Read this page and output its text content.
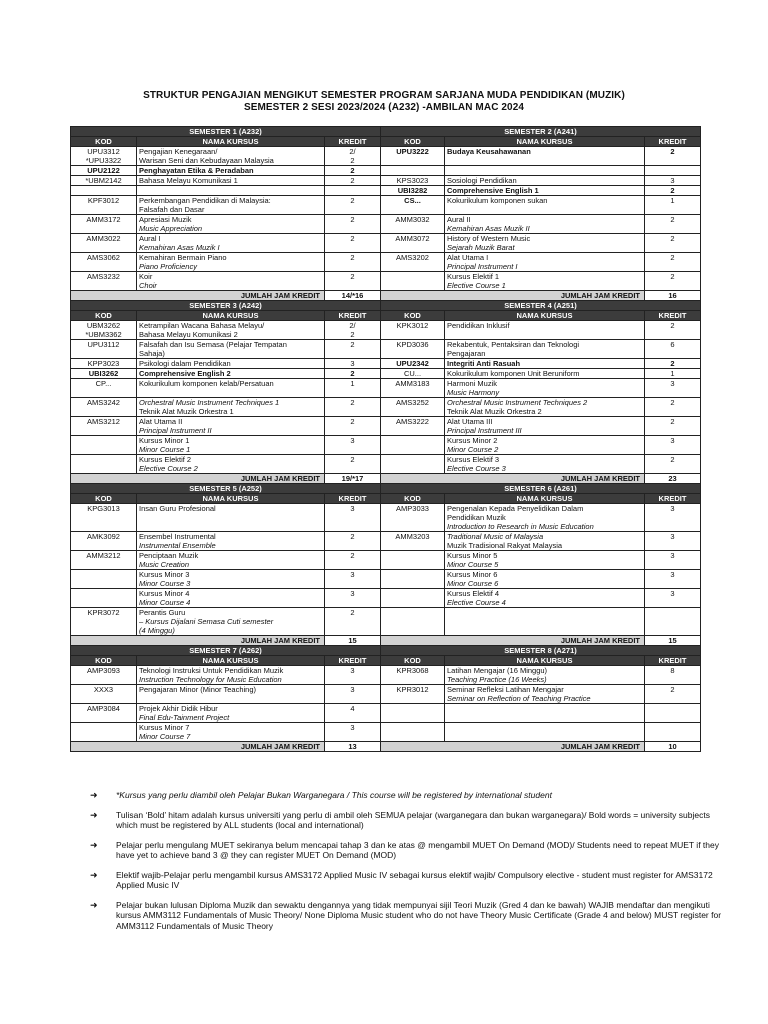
STRUKTUR PENGAJIAN MENGIKUT SEMESTER PROGRAM SARJANA MUDA PENDIDIKAN (MUZIK)
SEMESTER 2 SESI 2023/2024 (A232) -AMBILAN MAC 2024
SEMESTER 1 (A232)			SEMESTER 2 (A241)		
KOD	NAMA KURSUS	KREDIT	KOD	NAMA KURSUS	KREDIT

UPU3312
*UPU3322	Pengajian Kenegaraan/
Warisan Seni dan Kebudayaan Malaysia	2/
2	UPU3222	Budaya Keusahawanan	2

UPU2122	Penghayatan Etika & Peradaban	2			

*UBM2142	Bahasa Melayu Komunikasi 1	2	KPS3023	Sosiologi Pendidikan	3

			UBI3282	Comprehensive English 1	2

KPF3012	Perkembangan Pendidikan di Malaysia:
Falsafah dan Dasar	2	CS...	Kokurikulum komponen sukan	1

AMM3172	Apresiasi Muzik
Music Appreciation	2	AMM3032	Aural II
Kemahiran Asas Muzik II	2

AMM3022	Aural I
Kemahiran Asas Muzik I	2	AMM3072	History of Western Music
Sejarah Muzik Barat	2

AMS3062	Kemahiran Bermain Piano
Piano Proficiency	2	AMS3202	Alat Utama I
Principal Instrument I	2

AMS3232	Koir
Choir	2		Kursus Elektif 1
Elective Course 1	2

JUMLAH JAM KREDIT		14/*16	JUMLAH JAM KREDIT		16
SEMESTER 3 (A242)			SEMESTER 4 (A251)		
KOD	NAMA KURSUS	KREDIT	KOD	NAMA KURSUS	KREDIT

UBM3262
*UBM3362	Ketrampilan Wacana Bahasa Melayu/
Bahasa Melayu Komunikasi 2	2/
2	KPK3012	Pendidikan Inklusif	2

UPU3112	Falsafah dan Isu Semasa (Pelajar Tempatan
Sahaja)	2	KPD3036	Rekabentuk, Pentaksiran dan Teknologi
Pengajaran	6

KPP3023	Psikologi dalam Pendidikan	3	UPU2342	Integriti Anti Rasuah	2

UBI3262	Comprehensive English 2	2	CU...	Kokurikulum komponen Unit Beruniform	1

CP...	Kokurikulum komponen kelab/Persatuan	1	AMM3183	Harmoni Muzik
Music Harmony	3

AMS3242	Orchestral Music Instrument Techniques 1
Teknik Alat Muzik Orkestra 1	2	AMS3252	Orchestral Music Instrument Techniques 2
Teknik Alat Muzik Orkestra 2	2

AMS3212	Alat Utama II
Principal Instrument II	2	AMS3222	Alat Utama III
Principal Instrument III	2

	Kursus Minor 1
Minor Course 1	3		Kursus Minor 2
Minor Course 2	3

	Kursus Elektif 2
Elective Course 2	2		Kursus Elektif 3
Elective Course 3	2

JUMLAH JAM KREDIT		19/*17	JUMLAH JAM KREDIT		23
SEMESTER 5 (A252)			SEMESTER 6 (A261)		
KOD	NAMA KURSUS	KREDIT	KOD	NAMA KURSUS	KREDIT

KPG3013	Insan Guru Profesional	3	AMP3033	Pengenalan Kepada Penyelidikan Dalam
Pendidikan Muzik
Introduction to Research in Music Education	3

AMK3092	Ensembel Instrumental
Instrumental Ensemble	2	AMM3203	Traditional Music of Malaysia
Muzik Tradisional Rakyat Malaysia	3

AMM3212	Penciptaan Muzik
Music Creation	2		Kursus Minor 5
Minor Course 5	3

	Kursus Minor 3
Minor Course 3	3		Kursus Minor 6
Minor Course 6	3

	Kursus Minor 4
Minor Course 4	3		Kursus Elektif 4
Elective Course 4	3

KPR3072	Perantis Guru
– Kursus Dijalani Semasa Cuti semester
(4 Minggu)	2			

JUMLAH JAM KREDIT		15	JUMLAH JAM KREDIT		15
SEMESTER 7 (A262)			SEMESTER 8 (A271)		
KOD	NAMA KURSUS	KREDIT	KOD	NAMA KURSUS	KREDIT

AMP3093	Teknologi Instruksi Untuk Pendidikan Muzik
Instruction Technology for Music Education	3	KPR3068	Latihan Mengajar (16 Minggu)
Teaching Practice (16 Weeks)	8

XXX3	Pengajaran Minor (Minor Teaching)	3	KPR3012	Seminar Refleksi Latihan Mengajar
Seminar on Reflection of Teaching Practice	2

AMP3084	Projek Akhir Didik Hibur
Final Edu-Tainment Project	4			

	Kursus Minor 7
Minor Course 7	3			

JUMLAH JAM KREDIT		13	JUMLAH JAM KREDIT		10
➜ *Kursus yang perlu diambil oleh Pelajar Bukan Warganegara / This course will be registered by international student
➜ Tulisan ‘Bold’ hitam adalah kursus universiti yang perlu di ambil oleh SEMUA pelajar (warganegara dan bukan warganegara)/ Bold words = university subjects which must be registered by ALL students (local and international)
➜ Pelajar perlu mengulang MUET sekiranya belum mencapai tahap 3 dan ke atas @ mengambil MUET On Demand (MOD)/ Students need to repeat MUET if they have yet to achieve band 3 @ they can register MUET On Demand (MOD)
➜ Elektif wajib-Pelajar perlu mengambil kursus AMS3172 Applied Music IV sebagai kursus elektif wajib/ Compulsory elective - student must register for AMS3172 Applied Music IV
➜ Pelajar bukan lulusan Diploma Muzik dan sewaktu dengannya yang tidak mempunyai sijil Teori Muzik (Gred 4 dan ke bawah) WAJIB mendaftar dan mengikuti kursus AMM3112 Fundamentals of Music Theory/ None Diploma Music student who do not have Theory Music Certificate (Grade 4 and below) MUST register for AMM3112 Fundamentals of Music Theory
